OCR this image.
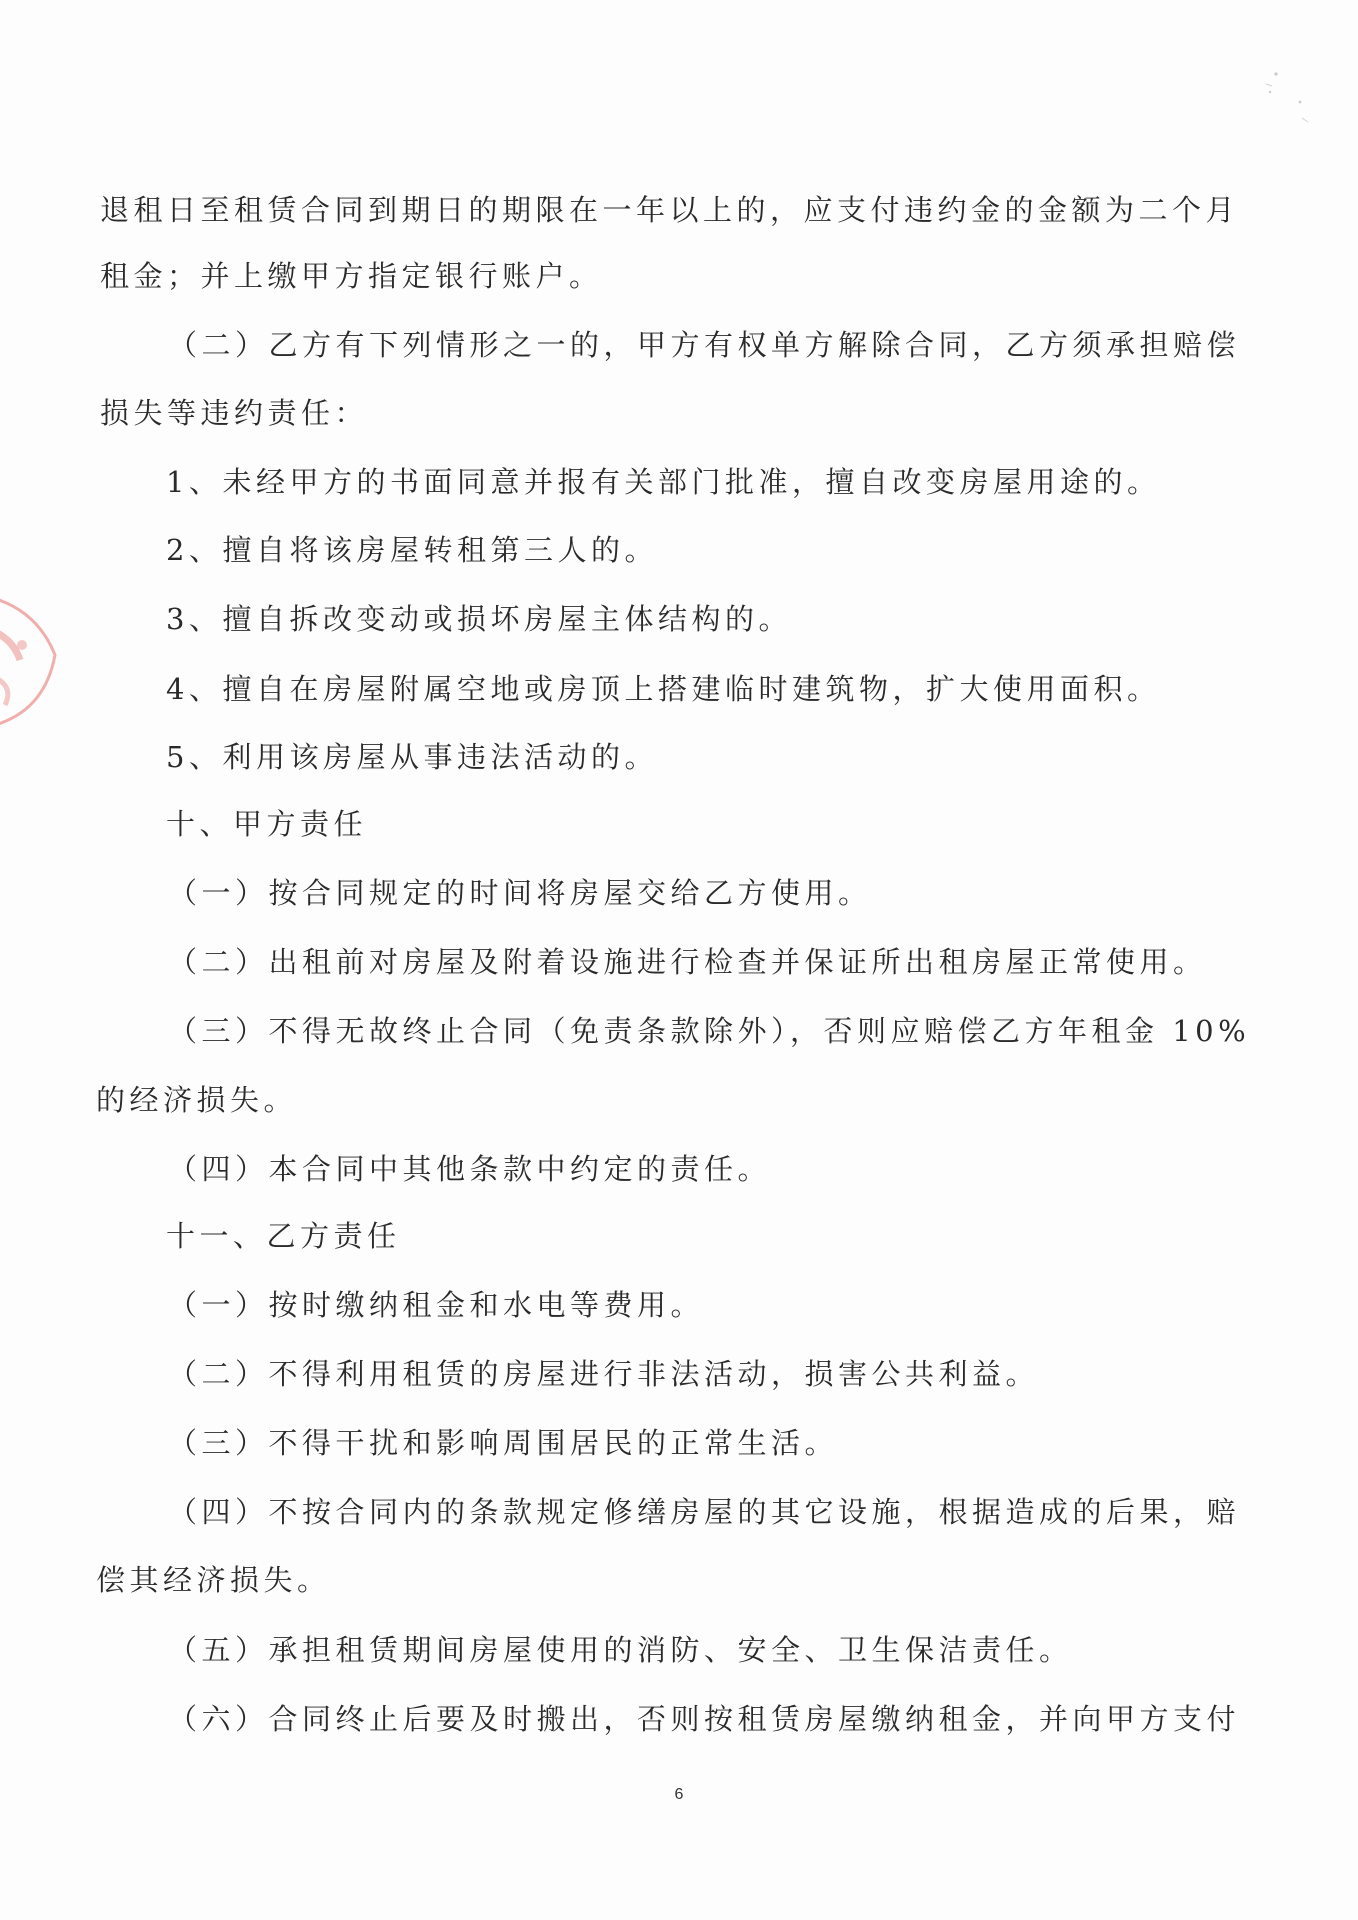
退租日至租赁合同到期日的期限在一年以上的，应支付违约金的金额为二个月
租金；并上缴甲方指定银行账户。
（二）乙方有下列情形之一的，甲方有权单方解除合同，乙方须承担赔偿
损失等违约责任：
1、未经甲方的书面同意并报有关部门批准，擅自改变房屋用途的。
2、擅自将该房屋转租第三人的。
3、擅自拆改变动或损坏房屋主体结构的。
4、擅自在房屋附属空地或房顶上搭建临时建筑物，扩大使用面积。
5、利用该房屋从事违法活动的。
十、甲方责任
（一）按合同规定的时间将房屋交给乙方使用。
（二）出租前对房屋及附着设施进行检查并保证所出租房屋正常使用。
（三）不得无故终止合同（免责条款除外），否则应赔偿乙方年租金 10%
的经济损失。
（四）本合同中其他条款中约定的责任。
十一、乙方责任
（一）按时缴纳租金和水电等费用。
（二）不得利用租赁的房屋进行非法活动，损害公共利益。
（三）不得干扰和影响周围居民的正常生活。
（四）不按合同内的条款规定修缮房屋的其它设施，根据造成的后果，赔
偿其经济损失。
（五）承担租赁期间房屋使用的消防、安全、卫生保洁责任。
（六）合同终止后要及时搬出，否则按租赁房屋缴纳租金，并向甲方支付
6
